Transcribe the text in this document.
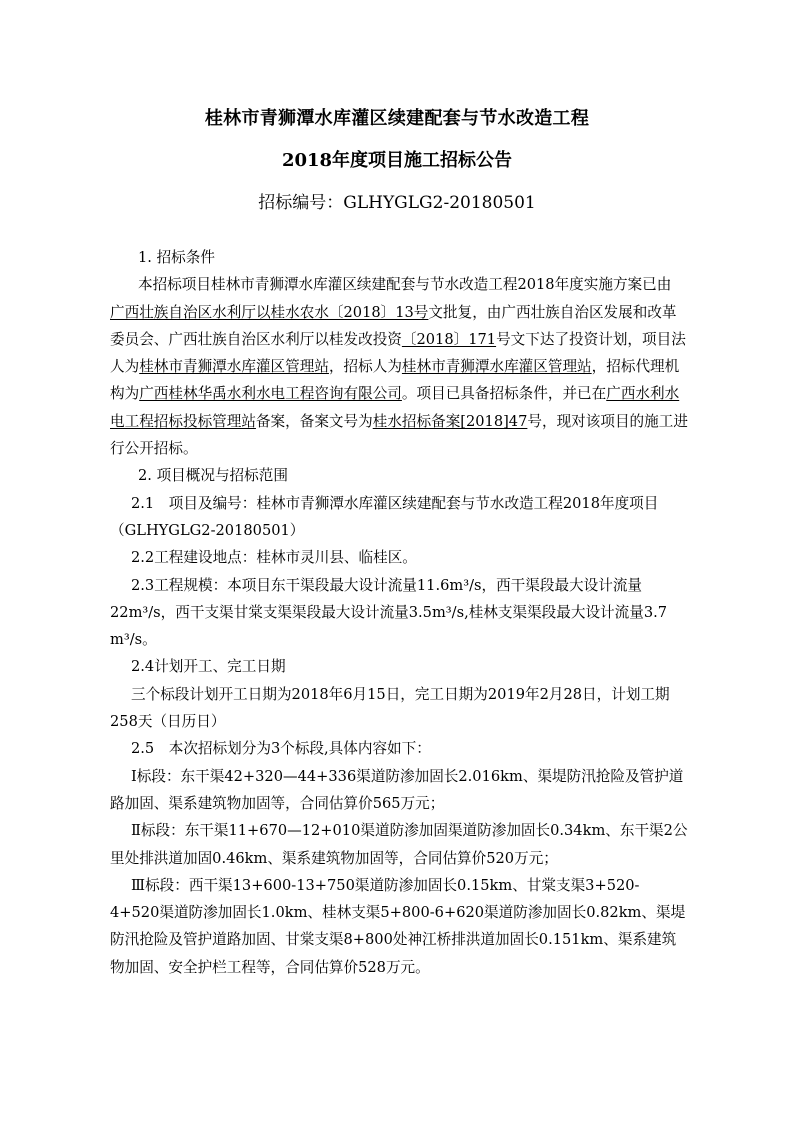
桂林市青狮潭水库灌区续建配套与节水改造工程
2018年度项目施工招标公告
招标编号：GLHYGLG2-20180501

1. 招标条件

本招标项目桂林市青狮潭水库灌区续建配套与节水改造工程2018年度实施方案已由 广西壮族自治区水利厅以桂水农水〔2018〕13号文批复，由广西壮族自治区发展和改革委员会、广西壮族自治区水利厅以桂发改投资〔2018〕171号文下达了投资计划，项目法人为桂林市青狮潭水库灌区管理站，招标人为桂林市青狮潭水库灌区管理站，招标代理机构为广西桂林华禹水利水电工程咨询有限公司。项目已具备招标条件，并已在广西水利水电工程招标投标管理站备案，备案文号为桂水招标备案[2018]47号，现对该项目的施工进行公开招标。

2. 项目概况与招标范围

2.1　项目及编号：桂林市青狮潭水库灌区续建配套与节水改造工程2018年度项目（GLHYGLG2-20180501）

2.2工程建设地点：桂林市灵川县、临桂区。

2.3工程规模：本项目东干渠段最大设计流量11.6m³/s，西干渠段最大设计流量22m³/s，西干支渠甘棠支渠渠段最大设计流量3.5m³/s,桂林支渠渠段最大设计流量3.7 m³/s。

2.4计划开工、完工日期

三个标段计划开工日期为2018年6月15日，完工日期为2019年2月28日，计划工期258天（日历日）

2.5　本次招标划分为3个标段,具体内容如下：

Ⅰ标段：东干渠42+320—44+336渠道防渗加固长2.016km、渠堤防汛抢险及管护道路加固、渠系建筑物加固等，合同估算价565万元；

Ⅱ标段：东干渠11+670—12+010渠道防渗加固渠道防渗加固长0.34km、东干渠2公里处排洪道加固0.46km、渠系建筑物加固等，合同估算价520万元；

Ⅲ标段：西干渠13+600-13+750渠道防渗加固长0.15km、甘棠支渠3+520-4+520渠道防渗加固长1.0km、桂林支渠5+800-6+620渠道防渗加固长0.82km、渠堤防汛抢险及管护道路加固、甘棠支渠8+800处神江桥排洪道加固长0.151km、渠系建筑物加固、安全护栏工程等，合同估算价528万元。
